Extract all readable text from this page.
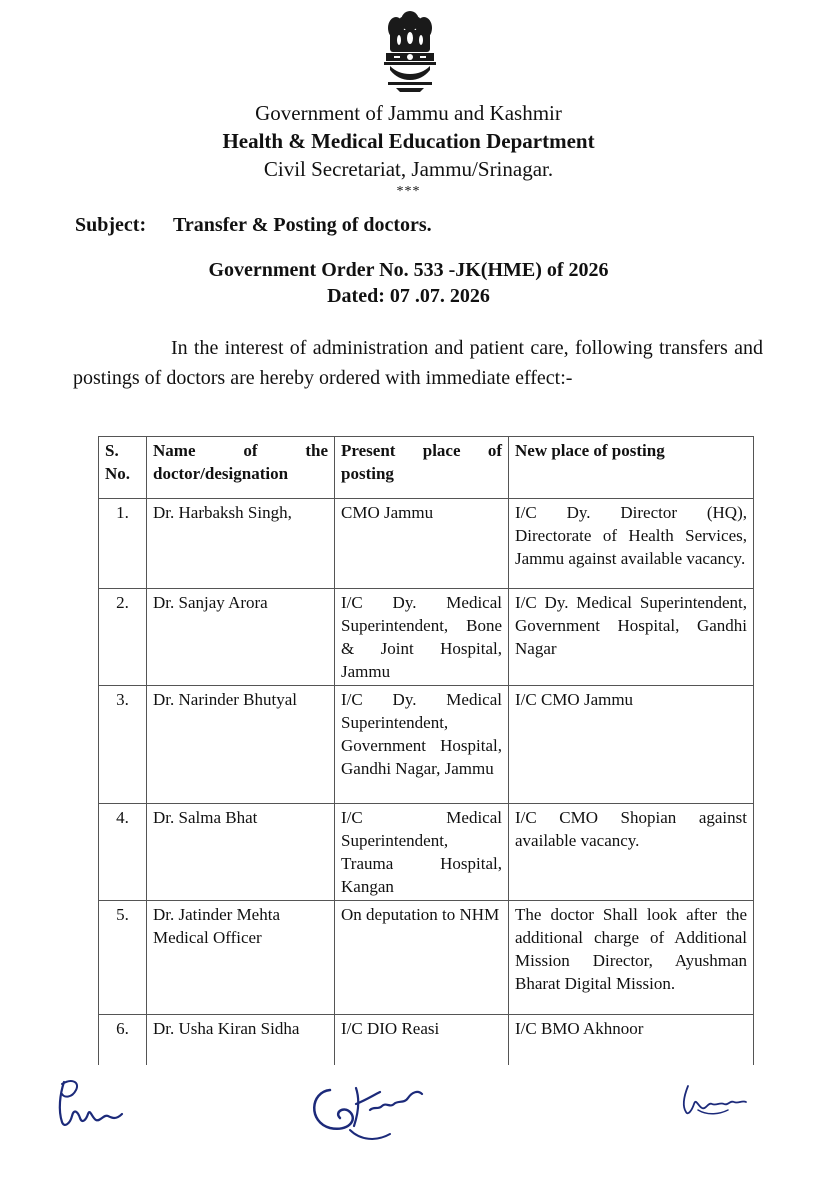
Government of Jammu and Kashmir
Health & Medical Education Department
Civil Secretariat, Jammu/Srinagar.
***
Subject: Transfer & Posting of doctors.
Government Order No. 533 -JK(HME) of 2026
Dated: 07 .07. 2026

In the interest of administration and patient care, following transfers and postings of doctors are hereby ordered with immediate effect:-

S. No.	Name of the doctor/designation	Present place of posting	New place of posting
1.	Dr. Harbaksh Singh,	CMO Jammu	I/C Dy. Director (HQ), Directorate of Health Services, Jammu against available vacancy.
2.	Dr. Sanjay Arora	I/C Dy. Medical Superintendent, Bone & Joint Hospital, Jammu	I/C Dy. Medical Superintendent, Government Hospital, Gandhi Nagar
3.	Dr. Narinder Bhutyal	I/C Dy. Medical Superintendent, Government Hospital, Gandhi Nagar, Jammu	I/C CMO Jammu
4.	Dr. Salma Bhat	I/C Medical Superintendent, Trauma Hospital, Kangan	I/C CMO Shopian against available vacancy.
5.	Dr. Jatinder Mehta Medical Officer	On deputation to NHM	The doctor Shall look after the additional charge of Additional Mission Director, Ayushman Bharat Digital Mission.
6.	Dr. Usha Kiran Sidha	I/C DIO Reasi	I/C BMO Akhnoor
